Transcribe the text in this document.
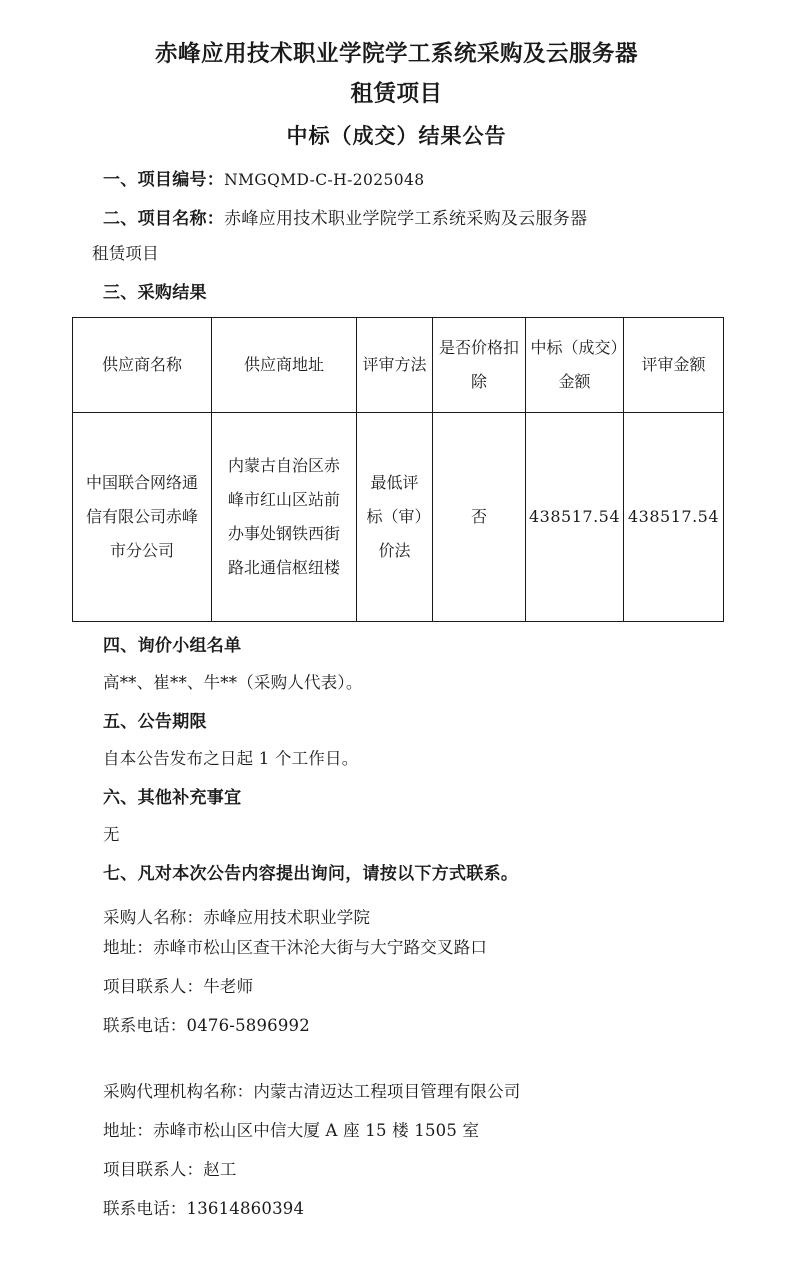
赤峰应用技术职业学院学工系统采购及云服务器
租赁项目
中标（成交）结果公告

一、项目编号：NMGQMD-C-H-2025048

二、项目名称：赤峰应用技术职业学院学工系统采购及云服务器

租赁项目

三、采购结果

供应商名称	供应商地址	评审方法	是否价格扣除	中标（成交）金额	评审金额

中国联合网络通信有限公司赤峰市分公司	内蒙古自治区赤峰市红山区站前办事处钢铁西街路北通信枢纽楼	最低评标（审）价法	否	438517.54	438517.54

四、询价小组名单

高**、崔**、牛**（采购人代表）。

五、公告期限

自本公告发布之日起 1 个工作日。

六、其他补充事宜

无

七、凡对本次公告内容提出询问，请按以下方式联系。

采购人名称：赤峰应用技术职业学院

地址：赤峰市松山区查干沐沦大街与大宁路交叉路口

项目联系人：牛老师

联系电话：0476-5896992

采购代理机构名称：内蒙古清迈达工程项目管理有限公司

地址：赤峰市松山区中信大厦 A 座 15 楼 1505 室

项目联系人：赵工

联系电话：13614860394
